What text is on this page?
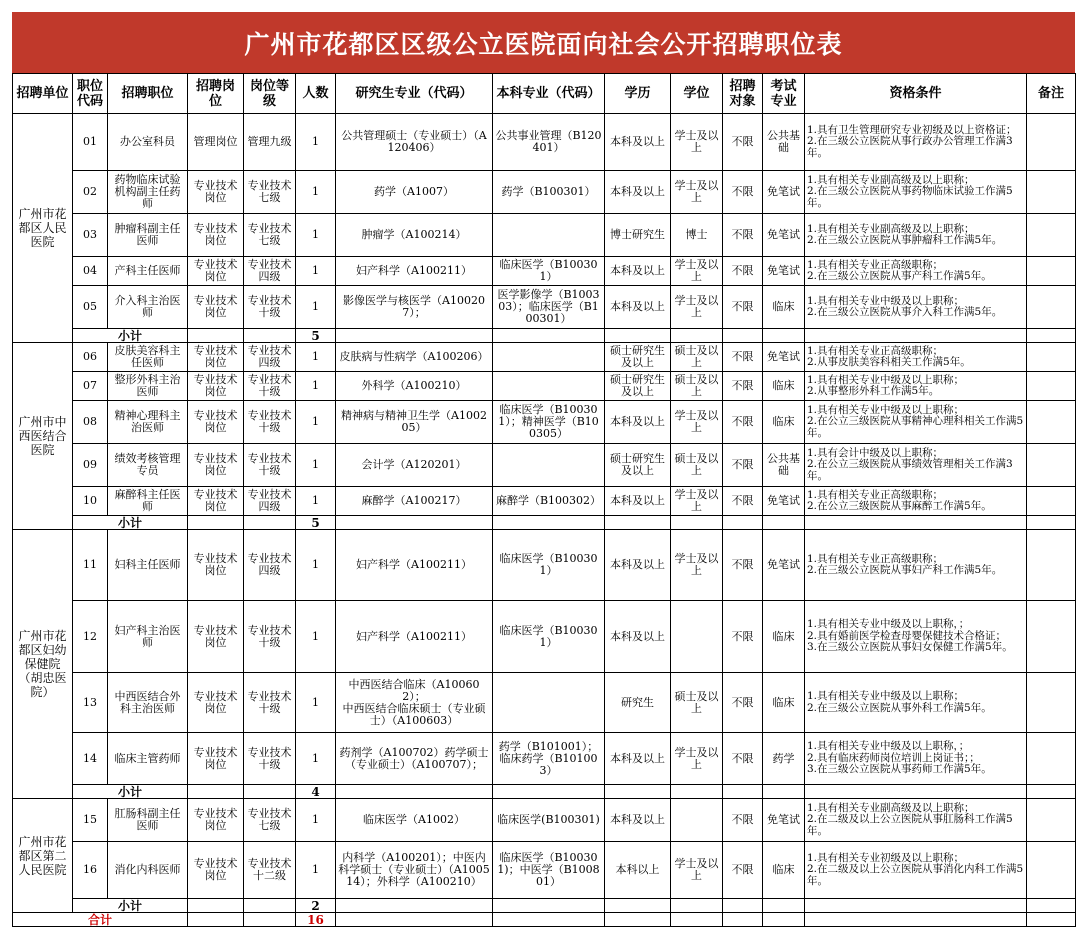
广州市花都区区级公立医院面向社会公开招聘职位表
招聘单位	职位代码	招聘职位	招聘岗位	岗位等级	人数	研究生专业（代码）	本科专业（代码）	学历	学位	招聘对象	考试专业	资格条件	备注
广州市花都区人民医院	01	办公室科员	管理岗位	管理九级	1	公共管理硕士（专业硕士）（A120406）	公共事业管理（B120401）	本科及以上	学士及以上	不限	公共基础	1.具有卫生管理研究专业初级及以上资格证；
2.在三级公立医院从事行政办公管理工作满3年。	
	02	药物临床试验机构副主任药师	专业技术岗位	专业技术七级	1	药学（A1007）	药学（B100301）	本科及以上	学士及以上	不限	免笔试	1.具有相关专业副高级及以上职称；
2.在三级公立医院从事药物临床试验工作满5年。	
	03	肿瘤科副主任医师	专业技术岗位	专业技术七级	1	肿瘤学（A100214）		博士研究生	博士	不限	免笔试	1.具有相关专业副高级及以上职称；
2.在三级公立医院从事肿瘤科工作满5年。	
	04	产科主任医师	专业技术岗位	专业技术四级	1	妇产科学（A100211）	临床医学（B100301）	本科及以上	学士及以上	不限	免笔试	1.具有相关专业正高级职称；
2.在三级公立医院从事产科工作满5年。	
	05	介入科主治医师	专业技术岗位	专业技术十级	1	影像医学与核医学（A100207）；	医学影像学（B100303）；临床医学（B100301）	本科及以上	学士及以上	不限	临床	1.具有相关专业中级及以上职称；
2.在三级公立医院从事介入科工作满5年。	
	小计				5								
广州市中西医结合医院	06	皮肤美容科主任医师	专业技术岗位	专业技术四级	1	皮肤病与性病学（A100206）		硕士研究生及以上	硕士及以上	不限	免笔试	1.具有相关专业正高级职称；
2.从事皮肤美容科相关工作满5年。	
	07	整形外科主治医师	专业技术岗位	专业技术十级	1	外科学（A100210）		硕士研究生及以上	硕士及以上	不限	临床	1.具有相关专业中级及以上职称；
2.从事整形外科工作满5年。	
	08	精神心理科主治医师	专业技术岗位	专业技术十级	1	精神病与精神卫生学（A100205）	临床医学（B100301）；精神医学（B100305）	本科及以上	学士及以上	不限	临床	1.具有相关专业中级及以上职称；
2.在公立三级医院从事精神心理科相关工作满5年。	
	09	绩效考核管理专员	专业技术岗位	专业技术十级	1	会计学（A120201）		硕士研究生及以上	硕士及以上	不限	公共基础	1.具有会计中级及以上职称；
2.在公立三级医院从事绩效管理相关工作满3年。	
	10	麻醉科主任医师	专业技术岗位	专业技术四级	1	麻醉学（A100217）	麻醉学（B100302）	本科及以上	学士及以上	不限	免笔试	1.具有相关专业正高级职称；
2.在公立三级医院从事麻醉工作满5年。	
	小计				5								
广州市花都区妇幼保健院（胡忠医院）	11	妇科主任医师	专业技术岗位	专业技术四级	1	妇产科学（A100211）	临床医学（B100301）	本科及以上	学士及以上	不限	免笔试	1.具有相关专业正高级职称；
2.在三级公立医院从事妇产科工作满5年。	
	12	妇产科主治医师	专业技术岗位	专业技术十级	1	妇产科学（A100211）	临床医学（B100301）	本科及以上		不限	临床	1.具有相关专业中级及以上职称，；
2.具有婚前医学检查母婴保健技术合格证；
3.在三级公立医院从事妇女保健工作满5年。	
	13	中西医结合外科主治医师	专业技术岗位	专业技术十级	1	中西医结合临床（A100602）；
中西医结合临床硕士（专业硕士）（A100603）		研究生	硕士及以上	不限	临床	1.具有相关专业中级及以上职称；
2.在三级公立医院从事外科工作满5年。	
	14	临床主管药师	专业技术岗位	专业技术十级	1	药剂学（A100702）药学硕士（专业硕士）（A100707）；	药学（B101001）；临床药学（B101003）	本科及以上	学士及以上	不限	药学	1.具有相关专业中级及以上职称，；
2.具有临床药师岗位培训上岗证书；；
3.在三级公立医院从事药师工作满5年。	
	小计				4								
广州市花都区第二人民医院	15	肛肠科副主任医师	专业技术岗位	专业技术七级	1	临床医学（A1002）	临床医学(B100301)	本科及以上		不限	免笔试	1.具有相关专业副高级及以上职称；
2.在二级及以上公立医院从事肛肠科工作满5年。	
	16	消化内科医师	专业技术岗位	专业技术十二级	1	内科学（A100201）；中医内科学硕士（专业硕士）（A100514）；外科学（A100210）	临床医学（B100301)；中医学（B100801）	本科以上	学士及以上	不限	临床	1.具有相关专业初级及以上职称；
2.在二级及以上公立医院从事消化内科工作满5年。	
	小计				2								
合计					16								
